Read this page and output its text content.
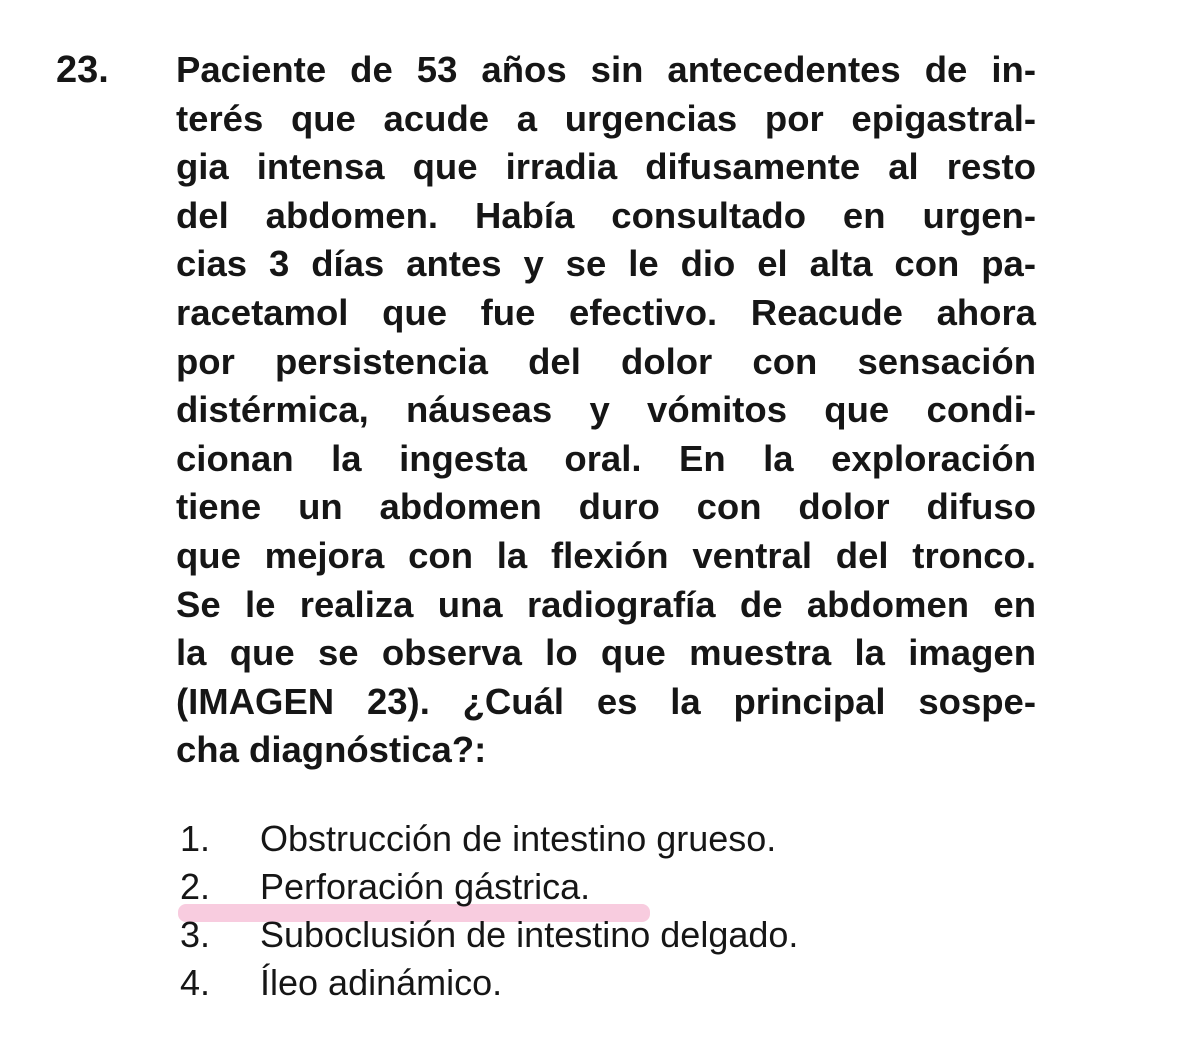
23. Paciente de 53 años sin antecedentes de in-
terés que acude a urgencias por epigastral-
gia intensa que irradia difusamente al resto
del abdomen. Había consultado en urgen-
cias 3 días antes y se le dio el alta con pa-
racetamol que fue efectivo. Reacude ahora
por persistencia del dolor con sensación
distérmica, náuseas y vómitos que condi-
cionan la ingesta oral. En la exploración
tiene un abdomen duro con dolor difuso
que mejora con la flexión ventral del tronco.
Se le realiza una radiografía de abdomen en
la que se observa lo que muestra la imagen
(IMAGEN 23). ¿Cuál es la principal sospe-
cha diagnóstica?:
1. Obstrucción de intestino grueso.
2. Perforación gástrica.
3. Suboclusión de intestino delgado.
4. Íleo adinámico.
